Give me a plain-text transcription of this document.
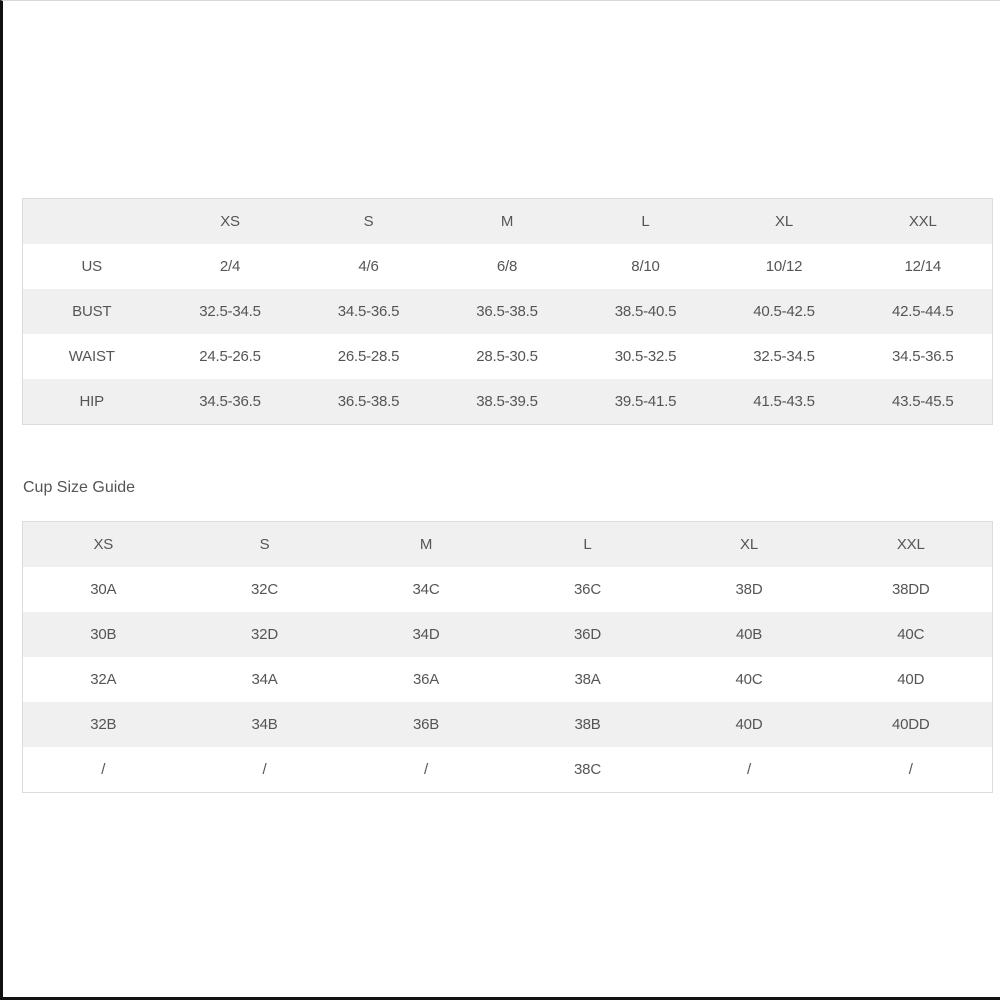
	XS	S	M	L	XL	XXL
US	2/4	4/6	6/8	8/10	10/12	12/14
BUST	32.5-34.5	34.5-36.5	36.5-38.5	38.5-40.5	40.5-42.5	42.5-44.5
WAIST	24.5-26.5	26.5-28.5	28.5-30.5	30.5-32.5	32.5-34.5	34.5-36.5
HIP	34.5-36.5	36.5-38.5	38.5-39.5	39.5-41.5	41.5-43.5	43.5-45.5
Cup Size Guide
XS	S	M	L	XL	XXL
30A	32C	34C	36C	38D	38DD
30B	32D	34D	36D	40B	40C
32A	34A	36A	38A	40C	40D
32B	34B	36B	38B	40D	40DD
/	/	/	38C	/	/
